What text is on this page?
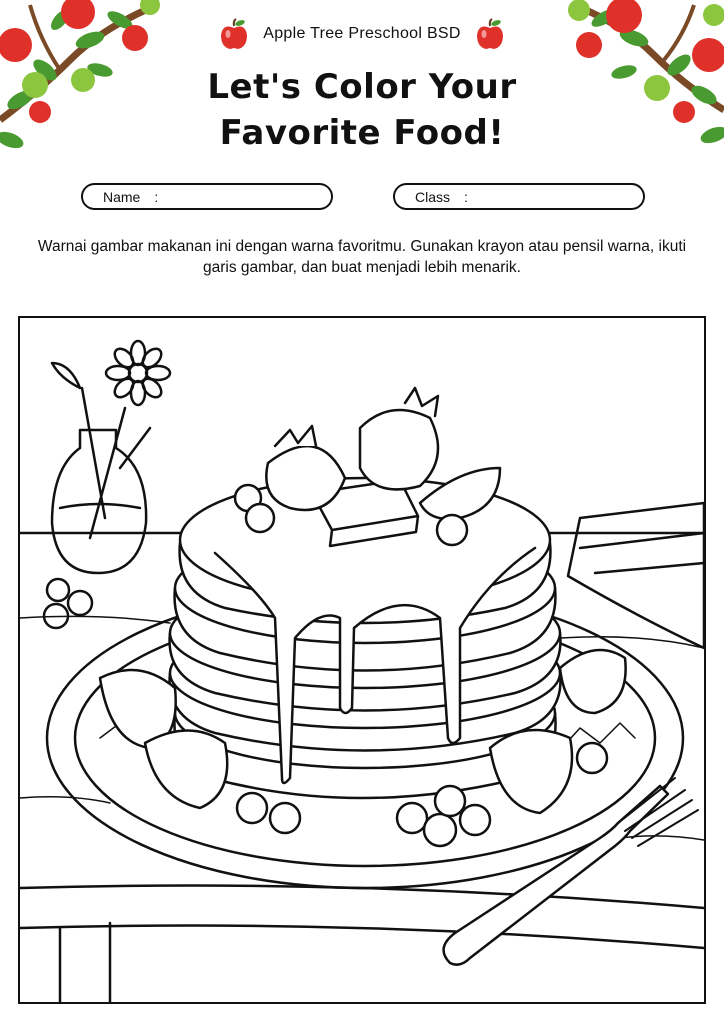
Apple Tree Preschool BSD
Let's Color Your
Favorite Food!
Name :	Class :
Warnai gambar makanan ini dengan warna favoritmu. Gunakan krayon atau pensil warna, ikuti garis gambar, dan buat menjadi lebih menarik.
